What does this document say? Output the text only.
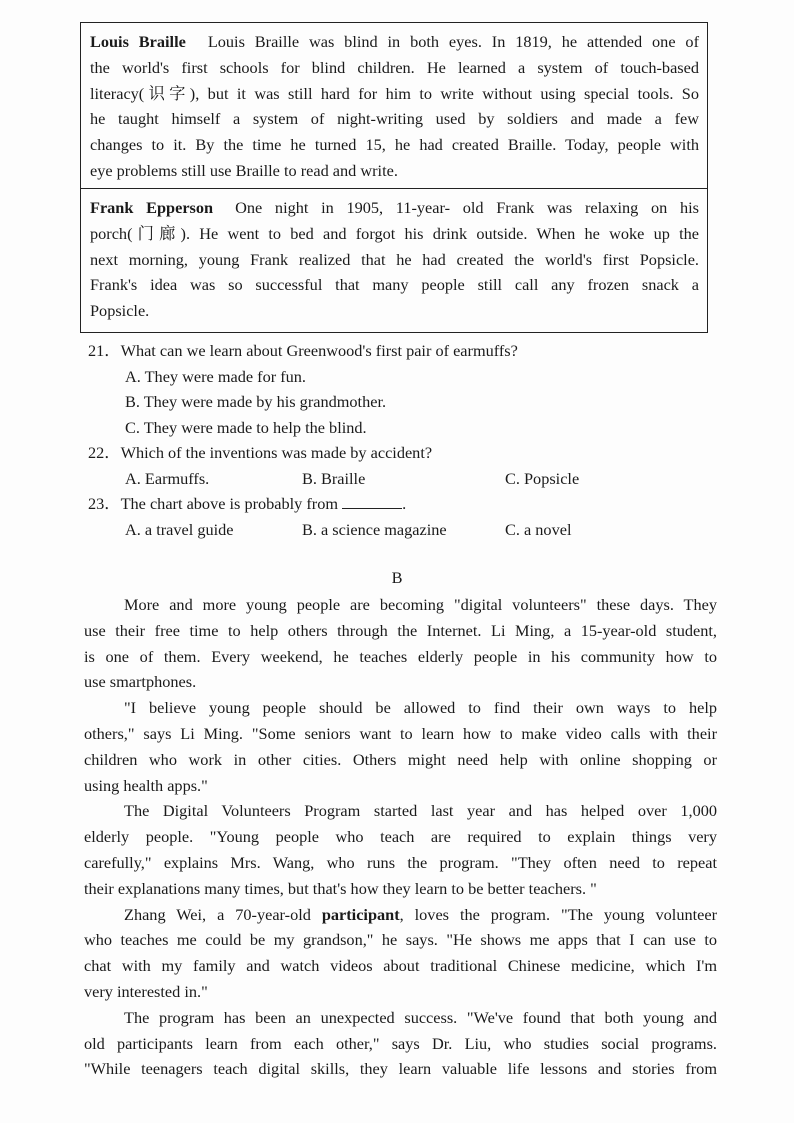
Louis Braille Louis Braille was blind in both eyes. In 1819, he attended one of
the world's first schools for blind children. He learned a system of touch-based
literacy(识字), but it was still hard for him to write without using special tools. So
he taught himself a system of night-writing used by soldiers and made a few
changes to it. By the time he turned 15, he had created Braille. Today, people with
eye problems still use Braille to read and write.
Frank Epperson One night in 1905, 11-year- old Frank was relaxing on his
porch(门廊). He went to bed and forgot his drink outside. When he woke up the
next morning, young Frank realized that he had created the world's first Popsicle.
Frank's idea was so successful that many people still call any frozen snack a
Popsicle.
21．What can we learn about Greenwood's first pair of earmuffs?
A. They were made for fun.
B. They were made by his grandmother.
C. They were made to help the blind.
22．Which of the inventions was made by accident?
A. Earmuffs.	B. Braille	C. Popsicle
23．The chart above is probably from	.
A. a travel guide	B. a science magazine	C. a novel
B
More and more young people are becoming "digital volunteers" these days. They
use their free time to help others through the Internet. Li Ming, a 15-year-old student,
is one of them. Every weekend, he teaches elderly people in his community how to
use smartphones.
"I believe young people should be allowed to find their own ways to help
others," says Li Ming. "Some seniors want to learn how to make video calls with their
children who work in other cities. Others might need help with online shopping or
using health apps."
The Digital Volunteers Program started last year and has helped over 1,000
elderly people. "Young people who teach are required to explain things very
carefully," explains Mrs. Wang, who runs the program. "They often need to repeat
their explanations many times, but that's how they learn to be better teachers. "
Zhang Wei, a 70-year-old participant, loves the program. "The young volunteer
who teaches me could be my grandson," he says. "He shows me apps that I can use to
chat with my family and watch videos about traditional Chinese medicine, which I'm
very interested in."
The program has been an unexpected success. "We've found that both young and
old participants learn from each other," says Dr. Liu, who studies social programs.
"While teenagers teach digital skills, they learn valuable life lessons and stories from
